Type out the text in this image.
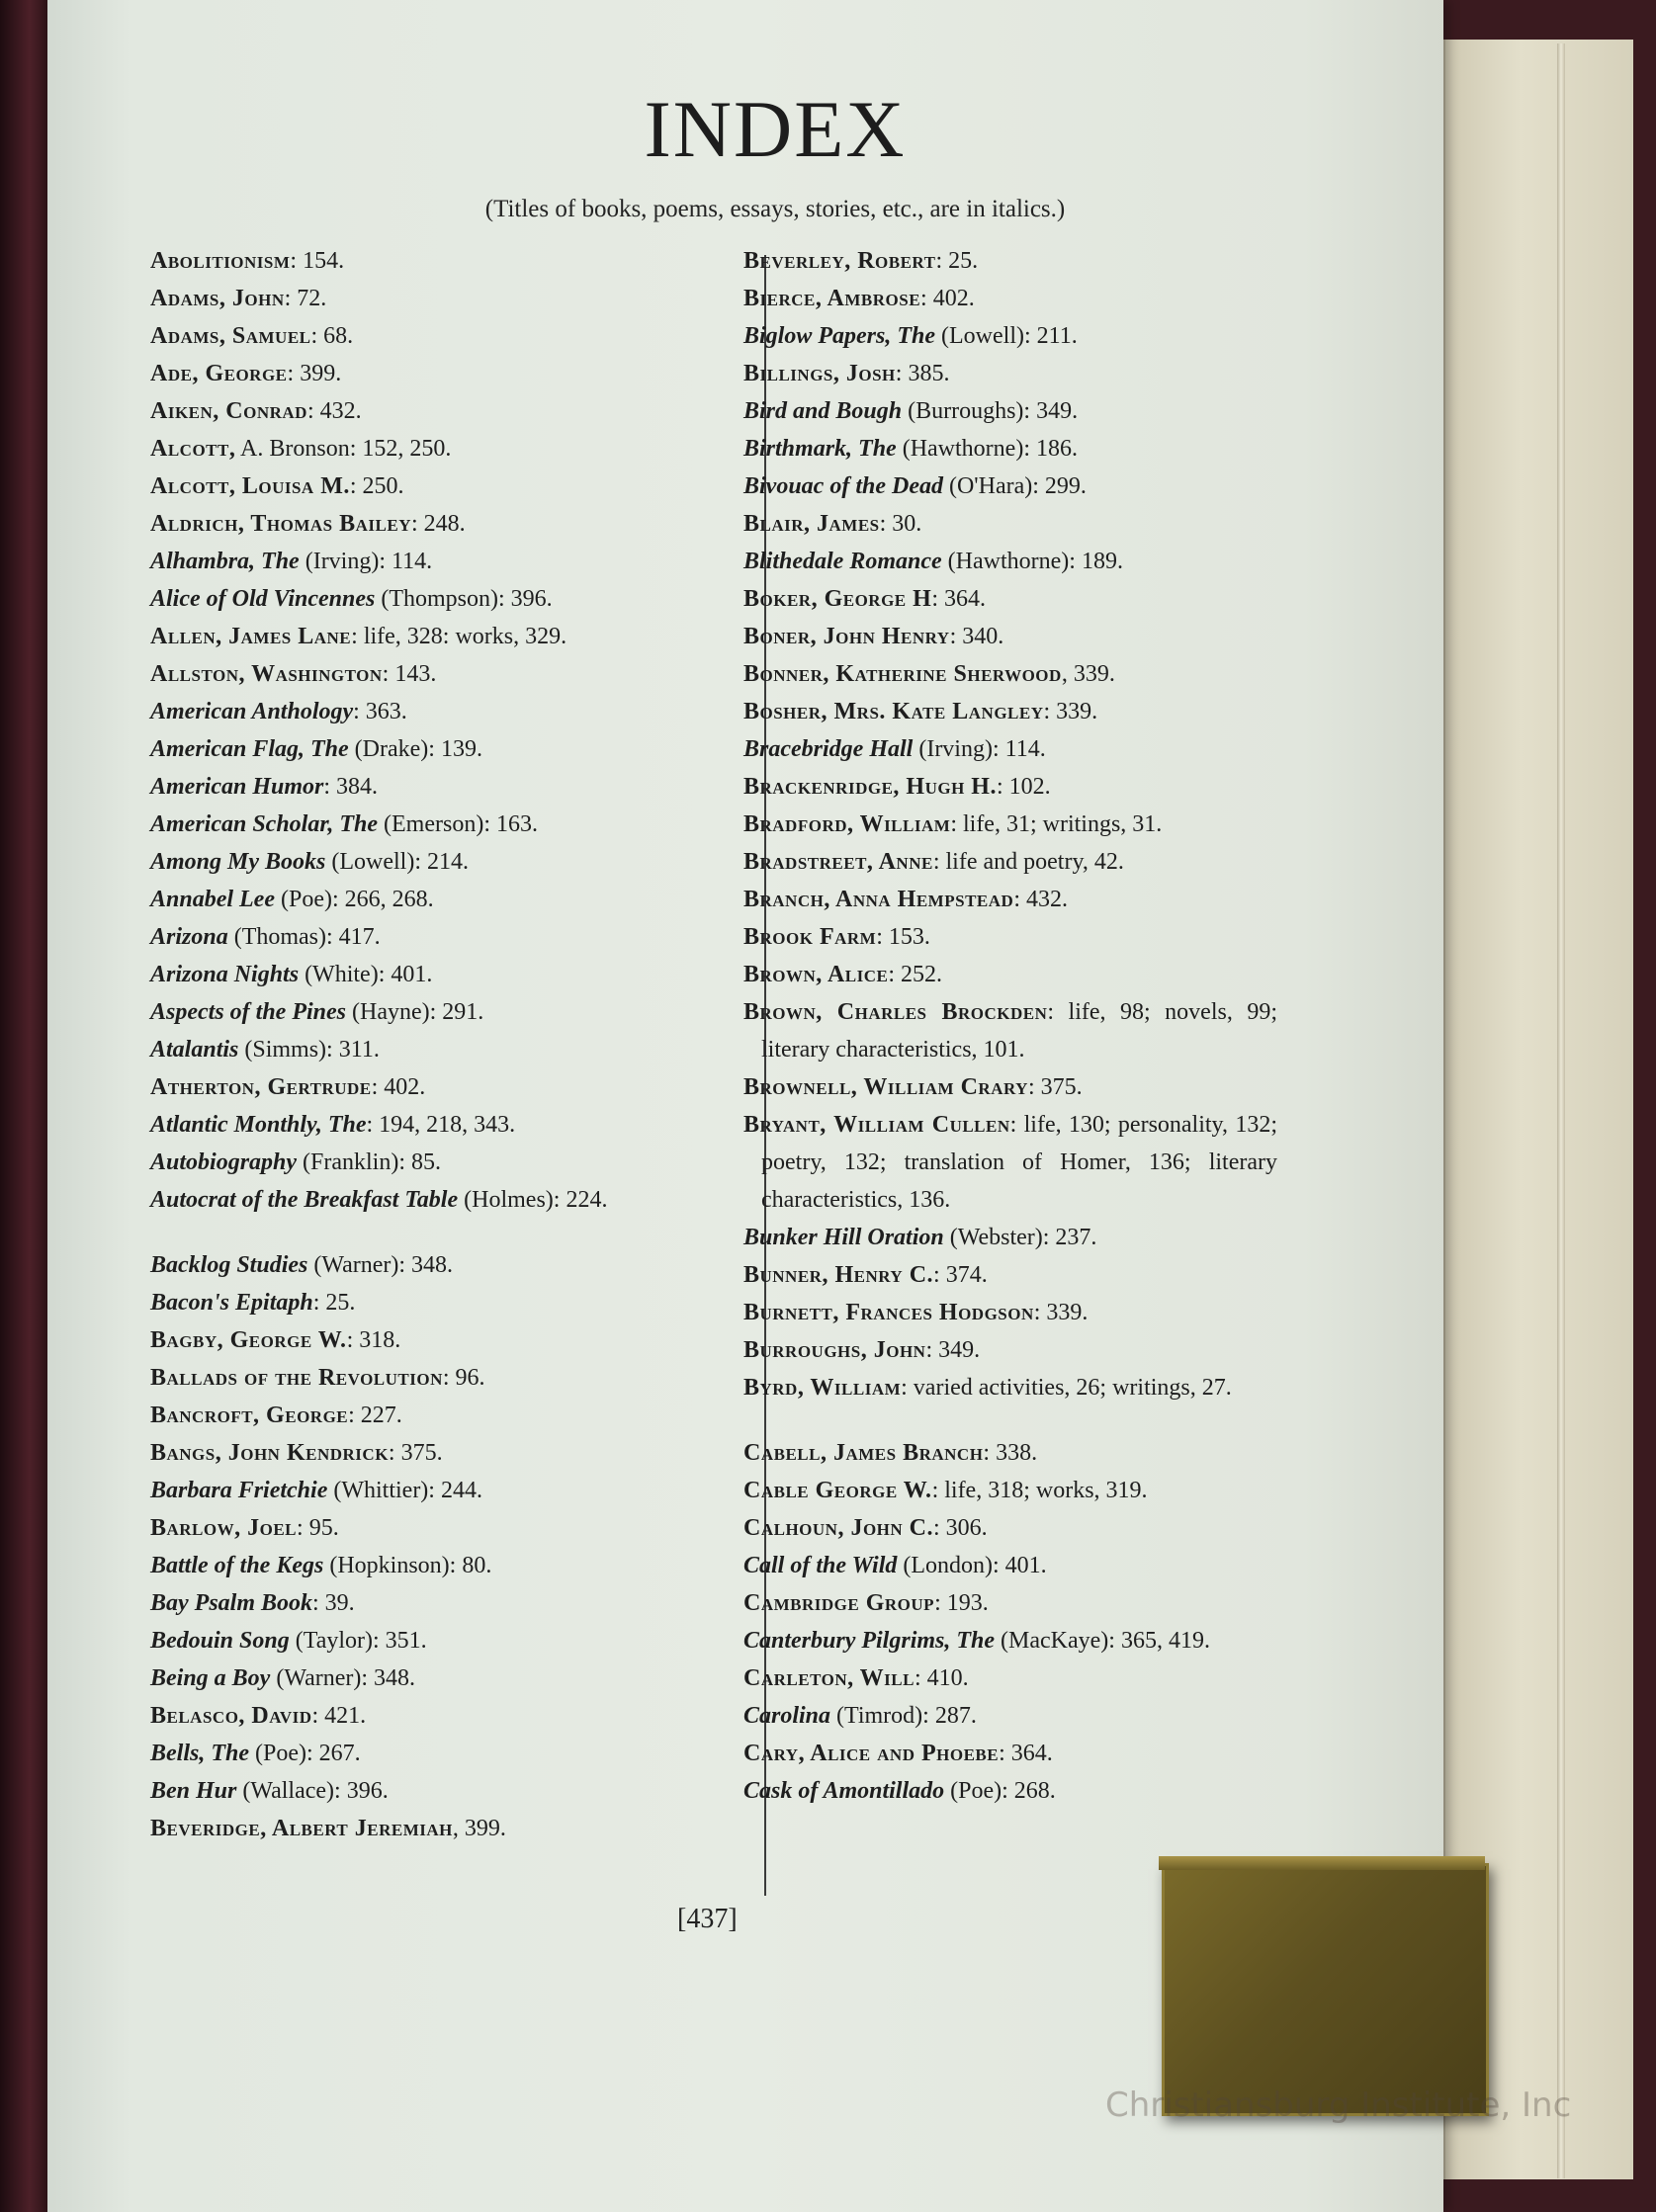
INDEX
(Titles of books, poems, essays, stories, etc., are in italics.)
Abolitionism: 154.
Adams, John: 72.
Adams, Samuel: 68.
Ade, George: 399.
Aiken, Conrad: 432.
Alcott, A. Bronson: 152, 250.
Alcott, Louisa M.: 250.
Aldrich, Thomas Bailey: 248.
Alhambra, The (Irving): 114.
Alice of Old Vincennes (Thompson): 396.
Allen, James Lane: life, 328: works, 329.
Allston, Washington: 143.
American Anthology: 363.
American Flag, The (Drake): 139.
American Humor: 384.
American Scholar, The (Emerson): 163.
Among My Books (Lowell): 214.
Annabel Lee (Poe): 266, 268.
Arizona (Thomas): 417.
Arizona Nights (White): 401.
Aspects of the Pines (Hayne): 291.
Atalantis (Simms): 311.
Atherton, Gertrude: 402.
Atlantic Monthly, The: 194, 218, 343.
Autobiography (Franklin): 85.
Autocrat of the Breakfast Table (Holmes): 224.
Backlog Studies (Warner): 348.
Bacon's Epitaph: 25.
Bagby, George W.: 318.
Ballads of the Revolution: 96.
Bancroft, George: 227.
Bangs, John Kendrick: 375.
Barbara Frietchie (Whittier): 244.
Barlow, Joel: 95.
Battle of the Kegs (Hopkinson): 80.
Bay Psalm Book: 39.
Bedouin Song (Taylor): 351.
Being a Boy (Warner): 348.
Belasco, David: 421.
Bells, The (Poe): 267.
Ben Hur (Wallace): 396.
Beveridge, Albert Jeremiah, 399.
Beverley, Robert: 25.
Bierce, Ambrose: 402.
Biglow Papers, The (Lowell): 211.
Billings, Josh: 385.
Bird and Bough (Burroughs): 349.
Birthmark, The (Hawthorne): 186.
Bivouac of the Dead (O'Hara): 299.
Blair, James: 30.
Blithedale Romance (Hawthorne): 189.
Boker, George H: 364.
Boner, John Henry: 340.
Bonner, Katherine Sherwood, 339.
Bosher, Mrs. Kate Langley: 339.
Bracebridge Hall (Irving): 114.
Brackenridge, Hugh H.: 102.
Bradford, William: life, 31; writings, 31.
Bradstreet, Anne: life and poetry, 42.
Branch, Anna Hempstead: 432.
Brook Farm: 153.
Brown, Alice: 252.
Brown, Charles Brockden: life, 98; novels, 99; literary characteristics, 101.
Brownell, William Crary: 375.
Bryant, William Cullen: life, 130; personality, 132; poetry, 132; translation of Homer, 136; literary characteristics, 136.
Bunker Hill Oration (Webster): 237.
Bunner, Henry C.: 374.
Burnett, Frances Hodgson: 339.
Burroughs, John: 349.
Byrd, William: varied activities, 26; writings, 27.
Cabell, James Branch: 338.
Cable George W.: life, 318; works, 319.
Calhoun, John C.: 306.
Call of the Wild (London): 401.
Cambridge Group: 193.
Canterbury Pilgrims, The (MacKaye): 365, 419.
Carleton, Will: 410.
Carolina (Timrod): 287.
Cary, Alice and Phoebe: 364.
Cask of Amontillado (Poe): 268.
[437]
Christiansburg Institute, Inc
